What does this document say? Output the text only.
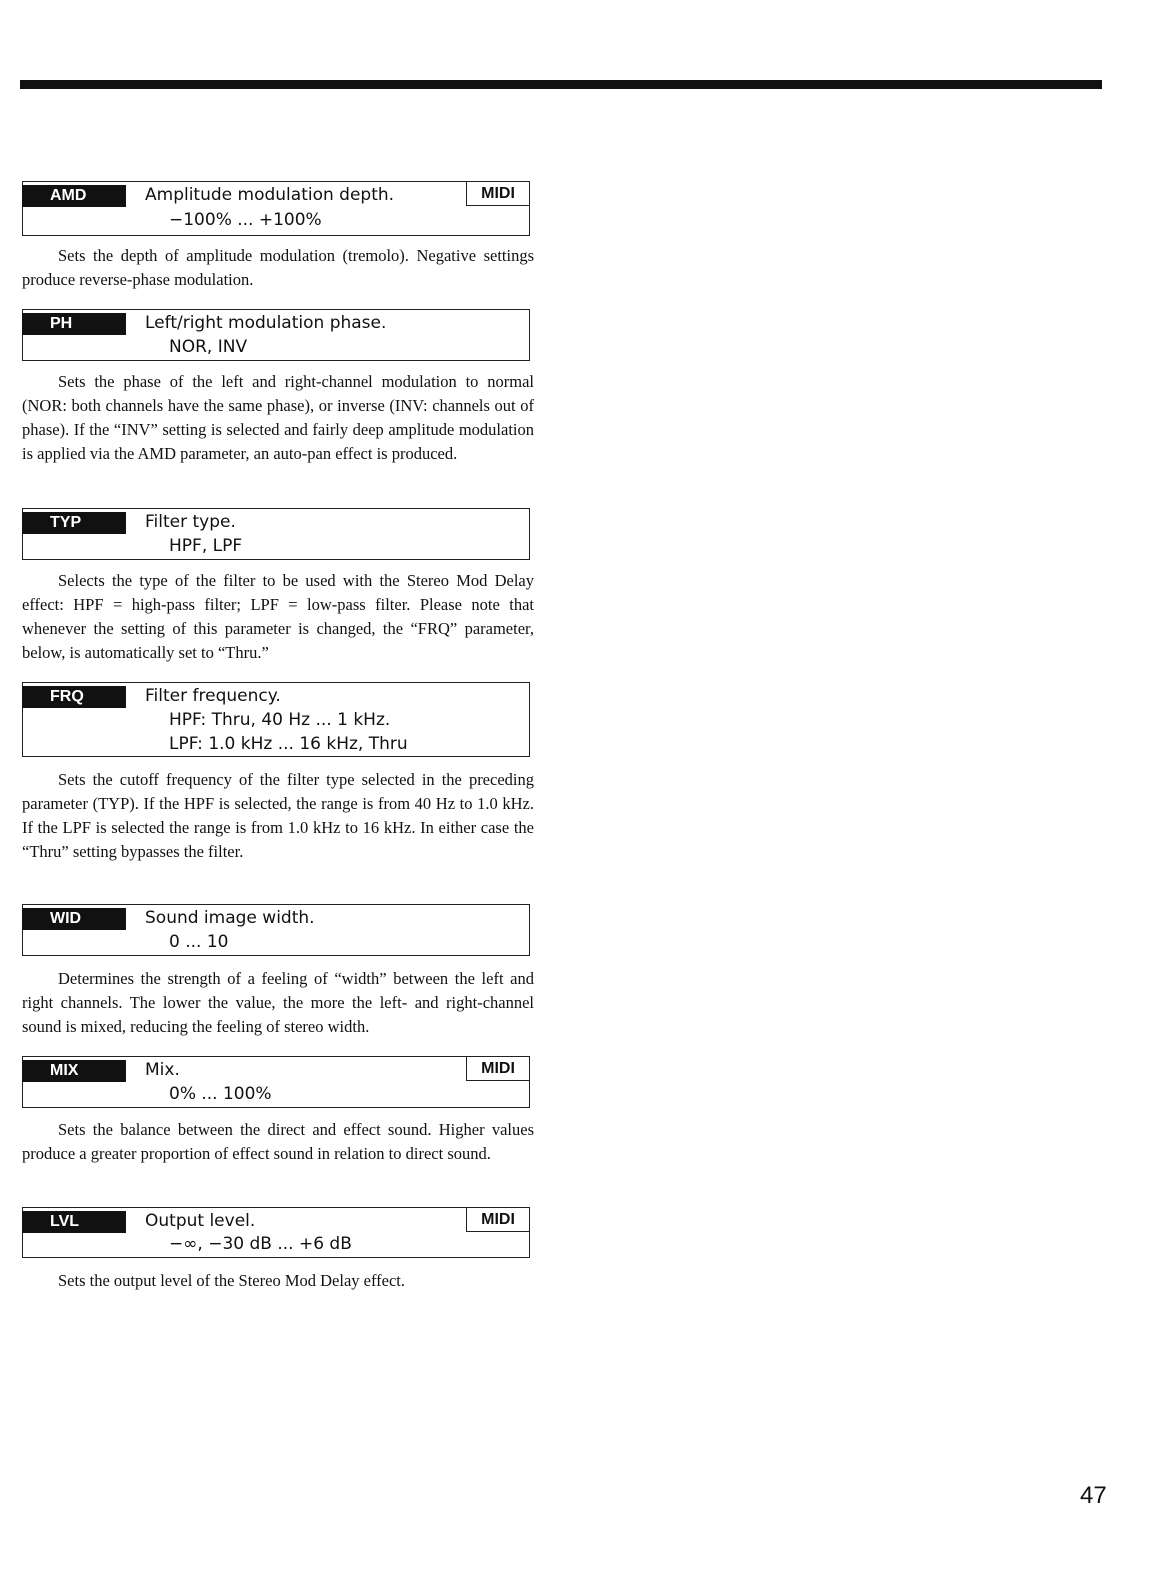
AMD	Amplitude modulation depth.
−100% ... +100%
MIDI

Sets the depth of amplitude modulation (tremolo). Negative settings produce reverse-phase modulation.

PH	Left/right modulation phase.
NOR, INV

Sets the phase of the left and right-channel modulation to normal (NOR: both channels have the same phase), or inverse (INV: channels out of phase). If the “INV” setting is selected and fairly deep amplitude modulation is applied via the AMD parameter, an auto-pan effect is produced.

TYP	Filter type.
HPF, LPF

Selects the type of the filter to be used with the Stereo Mod Delay effect: HPF = high-pass filter; LPF = low-pass filter. Please note that whenever the setting of this parameter is changed, the “FRQ” parameter, below, is automatically set to “Thru.”

FRQ	Filter frequency.
HPF: Thru, 40 Hz ... 1 kHz.
LPF: 1.0 kHz ... 16 kHz, Thru

Sets the cutoff frequency of the filter type selected in the preceding parameter (TYP). If the HPF is selected, the range is from 40 Hz to 1.0 kHz. If the LPF is selected the range is from 1.0 kHz to 16 kHz. In either case the “Thru” setting bypasses the filter.

WID	Sound image width.
0 ... 10

Determines the strength of a feeling of “width” between the left and right channels. The lower the value, the more the left- and right-channel sound is mixed, reducing the feeling of stereo width.

MIX	Mix.
0% ... 100%
MIDI

Sets the balance between the direct and effect sound. Higher values produce a greater proportion of effect sound in relation to direct sound.

LVL	Output level.
−∞, −30 dB ... +6 dB
MIDI

Sets the output level of the Stereo Mod Delay effect.

47
